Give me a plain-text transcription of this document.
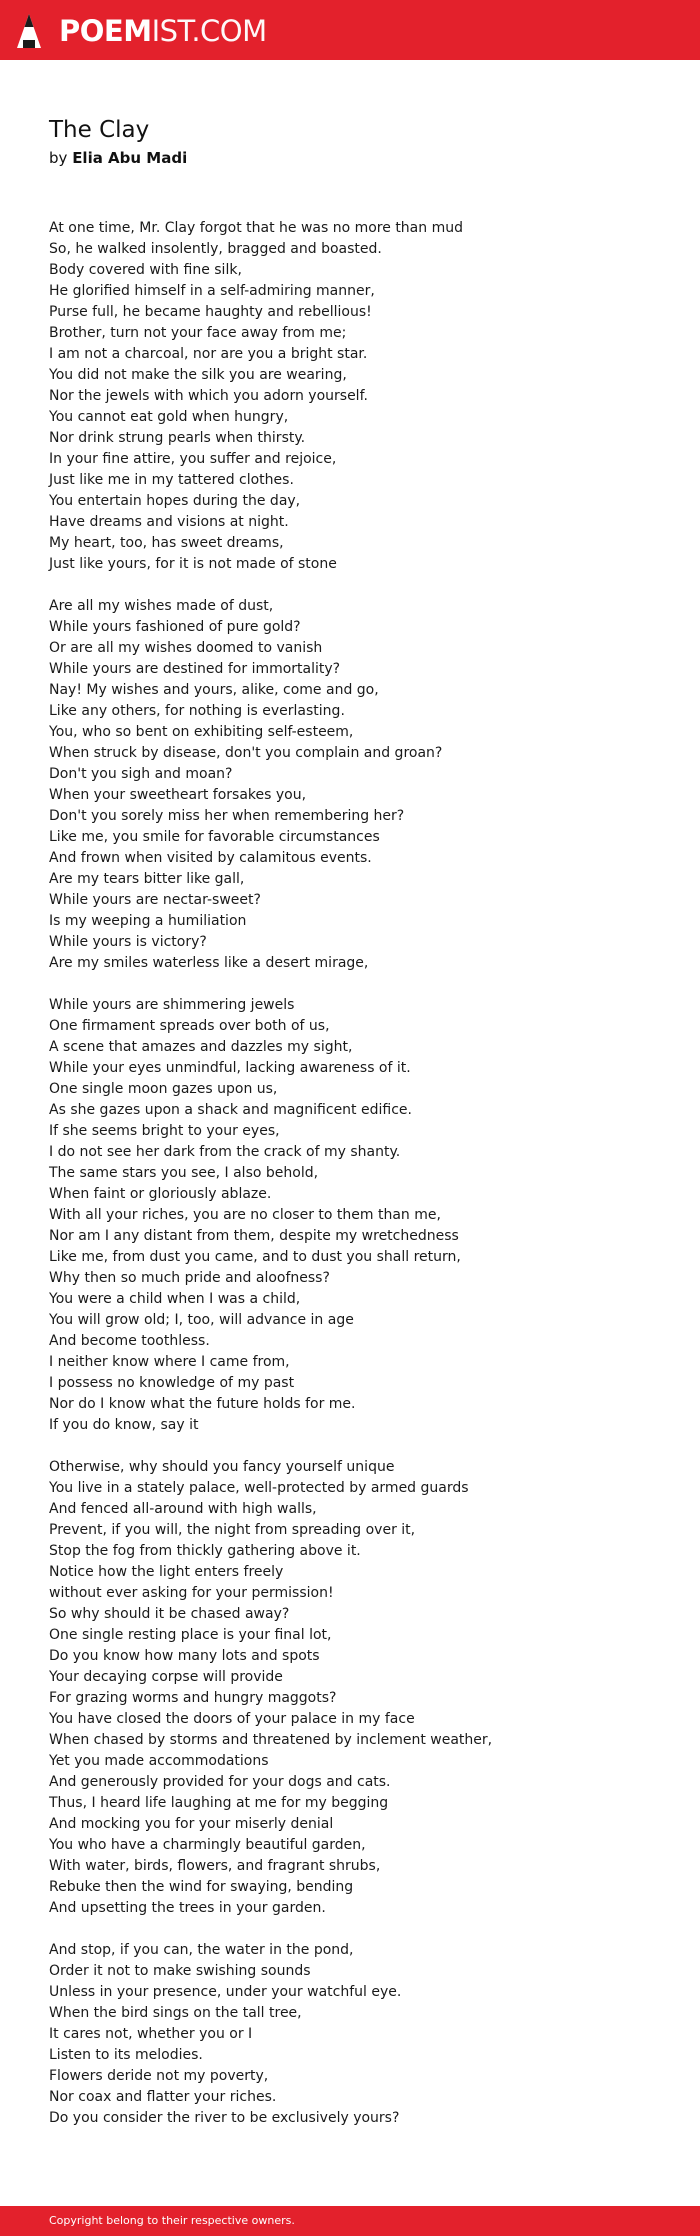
POEMIST.COM
The Clay
by Elia Abu Madi
At one time, Mr. Clay forgot that he was no more than mud
So, he walked insolently, bragged and boasted.
Body covered with fine silk,
He glorified himself in a self-admiring manner,
Purse full, he became haughty and rebellious!
Brother, turn not your face away from me;
I am not a charcoal, nor are you a bright star.
You did not make the silk you are wearing,
Nor the jewels with which you adorn yourself.
You cannot eat gold when hungry,
Nor drink strung pearls when thirsty.
In your fine attire, you suffer and rejoice,
Just like me in my tattered clothes.
You entertain hopes during the day,
Have dreams and visions at night.
My heart, too, has sweet dreams,
Just like yours, for it is not made of stone
Are all my wishes made of dust,
While yours fashioned of pure gold?
Or are all my wishes doomed to vanish
While yours are destined for immortality?
Nay! My wishes and yours, alike, come and go,
Like any others, for nothing is everlasting.
You, who so bent on exhibiting self-esteem,
When struck by disease, don't you complain and groan?
Don't you sigh and moan?
When your sweetheart forsakes you,
Don't you sorely miss her when remembering her?
Like me, you smile for favorable circumstances
And frown when visited by calamitous events.
Are my tears bitter like gall,
While yours are nectar-sweet?
Is my weeping a humiliation
While yours is victory?
Are my smiles waterless like a desert mirage,
While yours are shimmering jewels
One firmament spreads over both of us,
A scene that amazes and dazzles my sight,
While your eyes unmindful, lacking awareness of it.
One single moon gazes upon us,
As she gazes upon a shack and magnificent edifice.
If she seems bright to your eyes,
I do not see her dark from the crack of my shanty.
The same stars you see, I also behold,
When faint or gloriously ablaze.
With all your riches, you are no closer to them than me,
Nor am I any distant from them, despite my wretchedness
Like me, from dust you came, and to dust you shall return,
Why then so much pride and aloofness?
You were a child when I was a child,
You will grow old; I, too, will advance in age
And become toothless.
I neither know where I came from,
I possess no knowledge of my past
Nor do I know what the future holds for me.
If you do know, say it
Otherwise, why should you fancy yourself unique
You live in a stately palace, well-protected by armed guards
And fenced all-around with high walls,
Prevent, if you will, the night from spreading over it,
Stop the fog from thickly gathering above it.
Notice how the light enters freely
without ever asking for your permission!
So why should it be chased away?
One single resting place is your final lot,
Do you know how many lots and spots
Your decaying corpse will provide
For grazing worms and hungry maggots?
You have closed the doors of your palace in my face
When chased by storms and threatened by inclement weather,
Yet you made accommodations
And generously provided for your dogs and cats.
Thus, I heard life laughing at me for my begging
And mocking you for your miserly denial
You who have a charmingly beautiful garden,
With water, birds, flowers, and fragrant shrubs,
Rebuke then the wind for swaying, bending
And upsetting the trees in your garden.
And stop, if you can, the water in the pond,
Order it not to make swishing sounds
Unless in your presence, under your watchful eye.
When the bird sings on the tall tree,
It cares not, whether you or I
Listen to its melodies.
Flowers deride not my poverty,
Nor coax and flatter your riches.
Do you consider the river to be exclusively yours?
Copyright belong to their respective owners.
